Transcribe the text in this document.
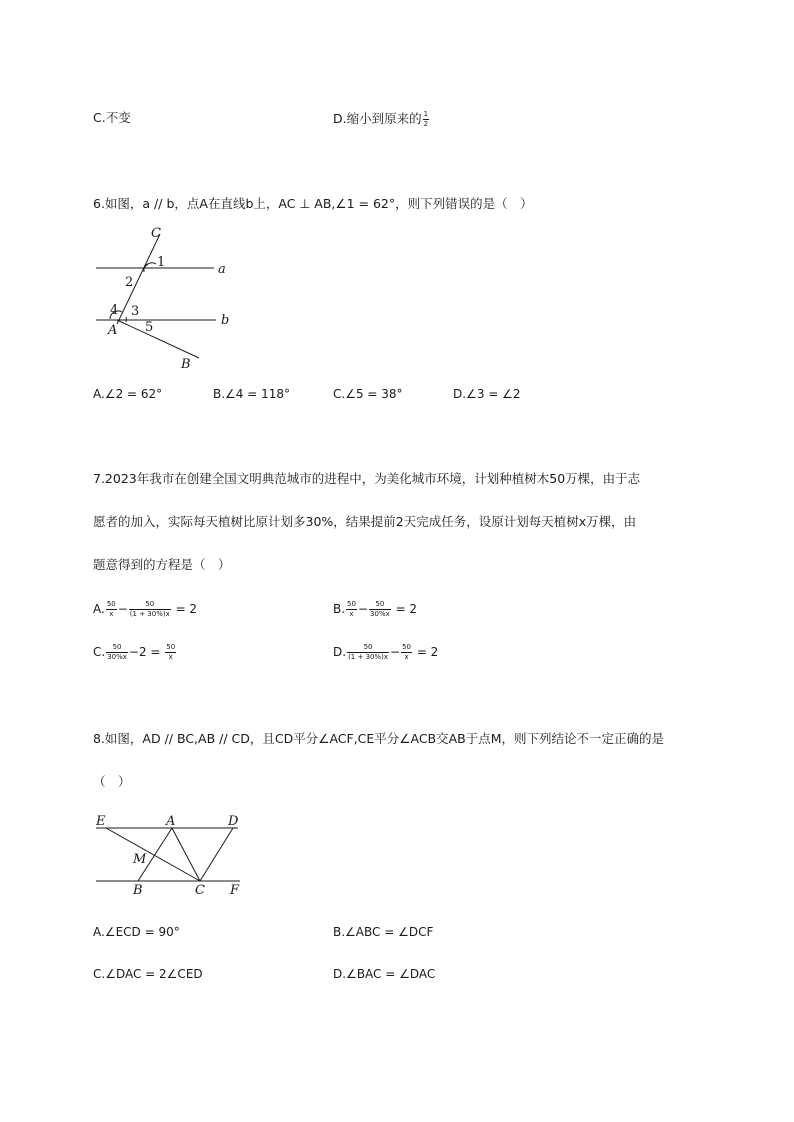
C.不变	D.缩小到原来的 $\frac{1}{2}$
6.如图，a // b，点A在直线b上，AC ⊥ AB,∠1 = 62°，则下列错误的是（　）
C
1	a
2
4 3
b
A 5
B
A.∠2 = 62°	B.∠4 = 118°	C.∠5 = 38°	D.∠3 = ∠2
7.2023年我市在创建全国文明典范城市的进程中，为美化城市环境，计划种植树木50万棵，由于志
愿者的加入，实际每天植树比原计划多30%，结果提前2天完成任务，设原计划每天植树x万棵，由
题意得到的方程是（　）
A. $\frac{50}{x} - \frac{50}{(1 + 30\%)x} = 2$	B. $\frac{50}{x} - \frac{50}{30\%x} = 2$
C. $\frac{50}{30\%x} -2 = \frac{50}{x}$	D. $\frac{50}{(1 + 30\%)x} - \frac{50}{x} = 2$
8.如图，AD // BC,AB // CD，且CD平分∠ACF,CE平分∠ACB交AB于点M，则下列结论不一定正确的是
（　）
E	A	D
M
B	C F
A.∠ECD = 90°	B.∠ABC = ∠DCF
C.∠DAC = 2∠CED	D.∠BAC = ∠DAC
